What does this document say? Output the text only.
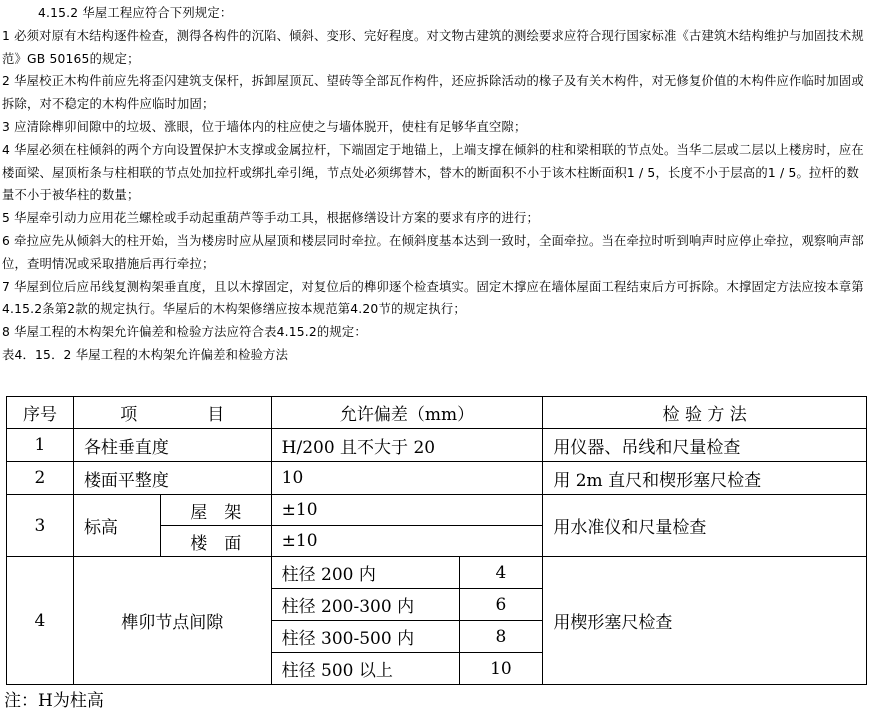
4.15.2 华屋工程应符合下列规定：

1 必须对原有木结构逐件检查，测得各构件的沉陷、倾斜、变形、完好程度。对文物古建筑的测绘要求应符合现行国家标准《古建筑木结构维护与加固技术规范》GB 50165的规定；

2 华屋校正木构件前应先将歪闪建筑支保杆，拆卸屋顶瓦、望砖等全部瓦作构件，还应拆除活动的椽子及有关木构件，对无修复价值的木构件应作临时加固或拆除，对不稳定的木构件应临时加固；

3 应清除榫卯间隙中的垃圾、涨眼，位于墙体内的柱应使之与墙体脱开，使柱有足够华直空隙；

4 华屋必须在柱倾斜的两个方向设置保护木支撑或金属拉杆，下端固定于地锚上，上端支撑在倾斜的柱和梁相联的节点处。当华二层或二层以上楼房时，应在楼面梁、屋顶桁条与柱相联的节点处加拉杆或绑扎牵引绳，节点处必须绑替木，替木的断面积不小于该木柱断面积1 / 5，长度不小于层高的1 / 5。拉杆的数量不小于被华柱的数量；

5 华屋牵引动力应用花兰螺栓或手动起重葫芦等手动工具，根据修缮设计方案的要求有序的进行；

6 牵拉应先从倾斜大的柱开始，当为楼房时应从屋顶和楼层同时牵拉。在倾斜度基本达到一致时，全面牵拉。当在牵拉时听到响声时应停止牵拉，观察响声部位，查明情况或采取措施后再行牵拉；

7 华屋到位后应吊线复测构架垂直度，且以木撑固定，对复位后的榫卯逐个检查填实。固定木撑应在墙体屋面工程结束后方可拆除。木撑固定方法应按本章第4.15.2条第2款的规定执行。华屋后的木构架修缮应按本规范第4.20节的规定执行；

8 华屋工程的木构架允许偏差和检验方法应符合表4.15.2的规定：

表4．15．2 华屋工程的木构架允许偏差和检验方法

序号	项 目		允许偏差（mm）		检 验 方 法
1	各柱垂直度		H/200 且不大于 20		用仪器、吊线和尺量检查
2	楼面平整度		10		用 2m 直尺和楔形塞尺检查
3	标高	屋　架	±10		用水准仪和尺量检查
		楼　面	±10		
4	榫卯节点间隙		柱径 200 内	4	用楔形塞尺检查
			柱径 200-300 内	6	
			柱径 300-500 内	8	
			柱径 500 以上	10	

注：H为柱高
